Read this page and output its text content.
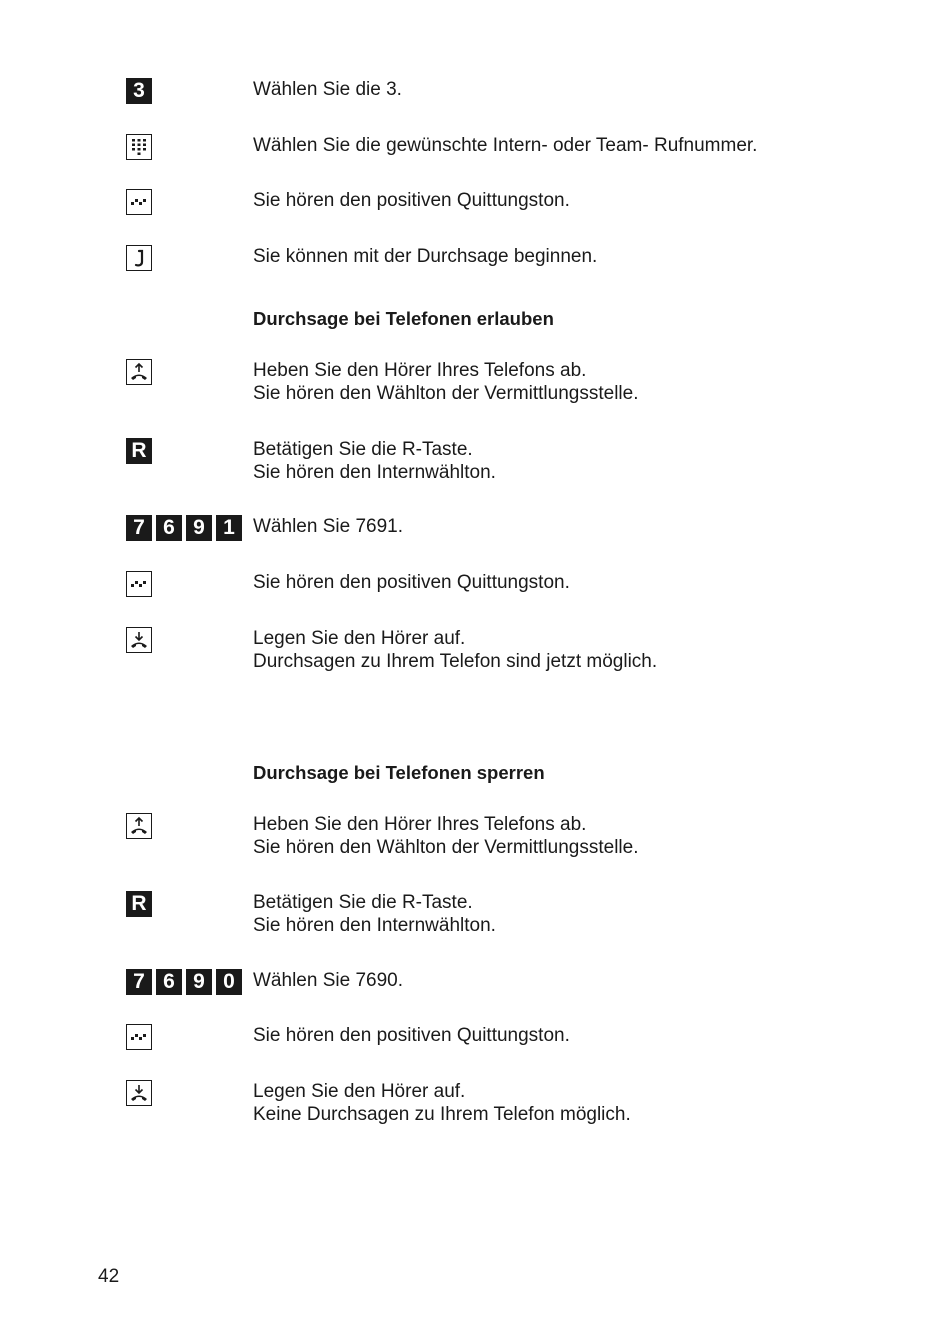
3	Wählen Sie die 3.
Wählen Sie die gewünschte Intern- oder Team- Rufnummer.
Sie hören den positiven Quittungston.
Sie können mit der Durchsage beginnen.
Durchsage bei Telefonen erlauben
Heben Sie den Hörer Ihres Telefons ab.
Sie hören den Wählton der Vermittlungsstelle.
R	Betätigen Sie die R-Taste.
Sie hören den Internwählton.
7 6 9 1 Wählen Sie 7691.
Sie hören den positiven Quittungston.
Legen Sie den Hörer auf.
Durchsagen zu Ihrem Telefon sind jetzt möglich.
Durchsage bei Telefonen sperren
Heben Sie den Hörer Ihres Telefons ab.
Sie hören den Wählton der Vermittlungsstelle.
R	Betätigen Sie die R-Taste.
Sie hören den Internwählton.
7 6 9 0 Wählen Sie 7690.
Sie hören den positiven Quittungston.
Legen Sie den Hörer auf.
Keine Durchsagen zu Ihrem Telefon möglich.
42
